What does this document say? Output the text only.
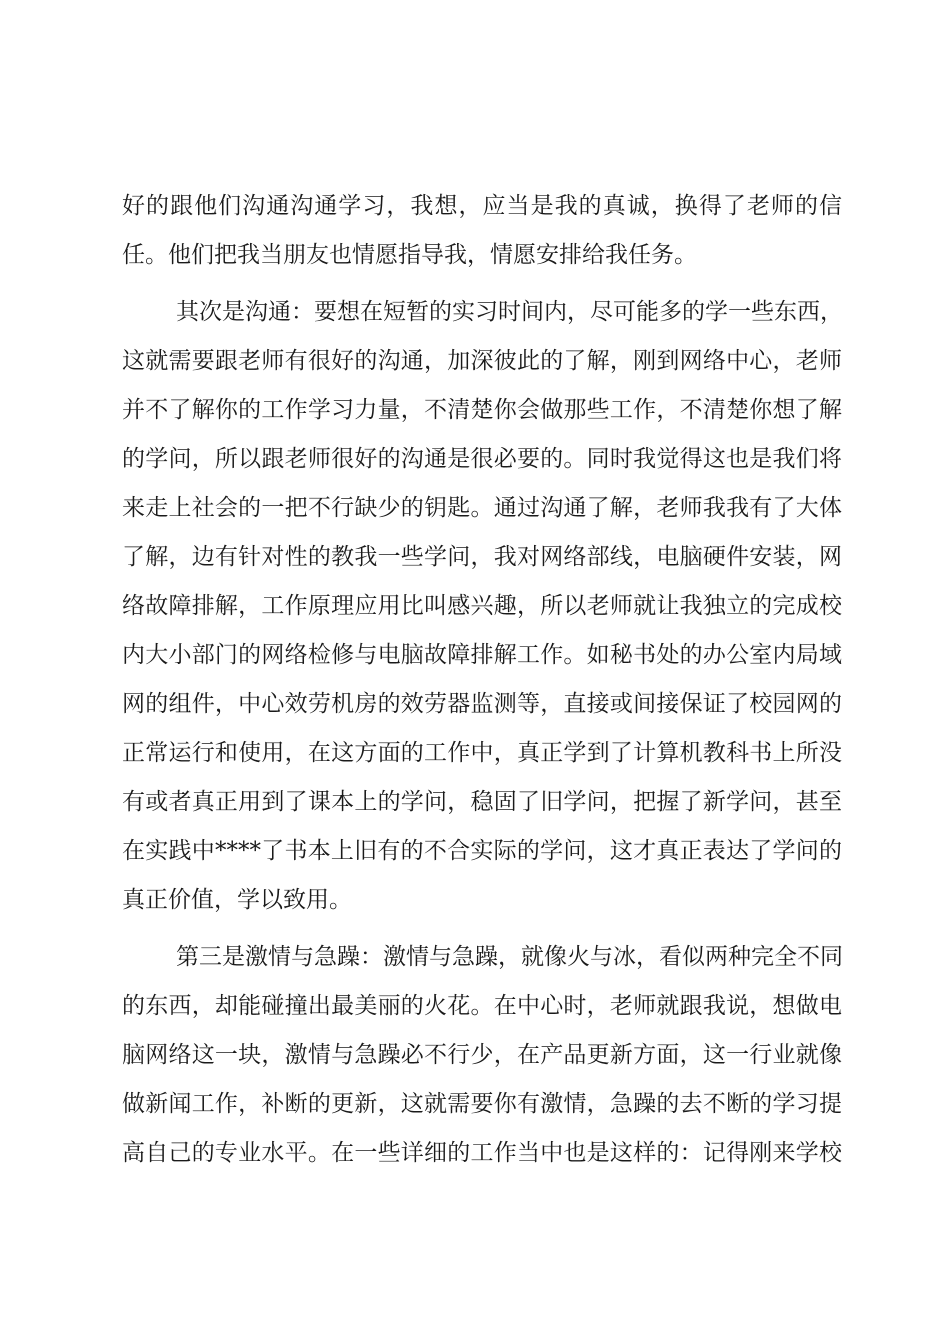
好的跟他们沟通沟通学习，我想，应当是我的真诚，换得了老师的信
任。他们把我当朋友也情愿指导我，情愿安排给我任务。
其次是沟通：要想在短暂的实习时间内，尽可能多的学一些东西，
这就需要跟老师有很好的沟通，加深彼此的了解，刚到网络中心，老师
并不了解你的工作学习力量，不清楚你会做那些工作，不清楚你想了解
的学问，所以跟老师很好的沟通是很必要的。同时我觉得这也是我们将
来走上社会的一把不行缺少的钥匙。通过沟通了解，老师我我有了大体
了解，边有针对性的教我一些学问，我对网络部线，电脑硬件安装，网
络故障排解，工作原理应用比叫感兴趣，所以老师就让我独立的完成校
内大小部门的网络检修与电脑故障排解工作。如秘书处的办公室内局域
网的组件，中心效劳机房的效劳器监测等，直接或间接保证了校园网的
正常运行和使用，在这方面的工作中，真正学到了计算机教科书上所没
有或者真正用到了课本上的学问，稳固了旧学问，把握了新学问，甚至
在实践中****了书本上旧有的不合实际的学问，这才真正表达了学问的
真正价值，学以致用。
第三是激情与急躁：激情与急躁，就像火与冰，看似两种完全不同
的东西，却能碰撞出最美丽的火花。在中心时，老师就跟我说，想做电
脑网络这一块，激情与急躁必不行少，在产品更新方面，这一行业就像
做新闻工作，补断的更新，这就需要你有激情，急躁的去不断的学习提
高自己的专业水平。在一些详细的工作当中也是这样的：记得刚来学校
